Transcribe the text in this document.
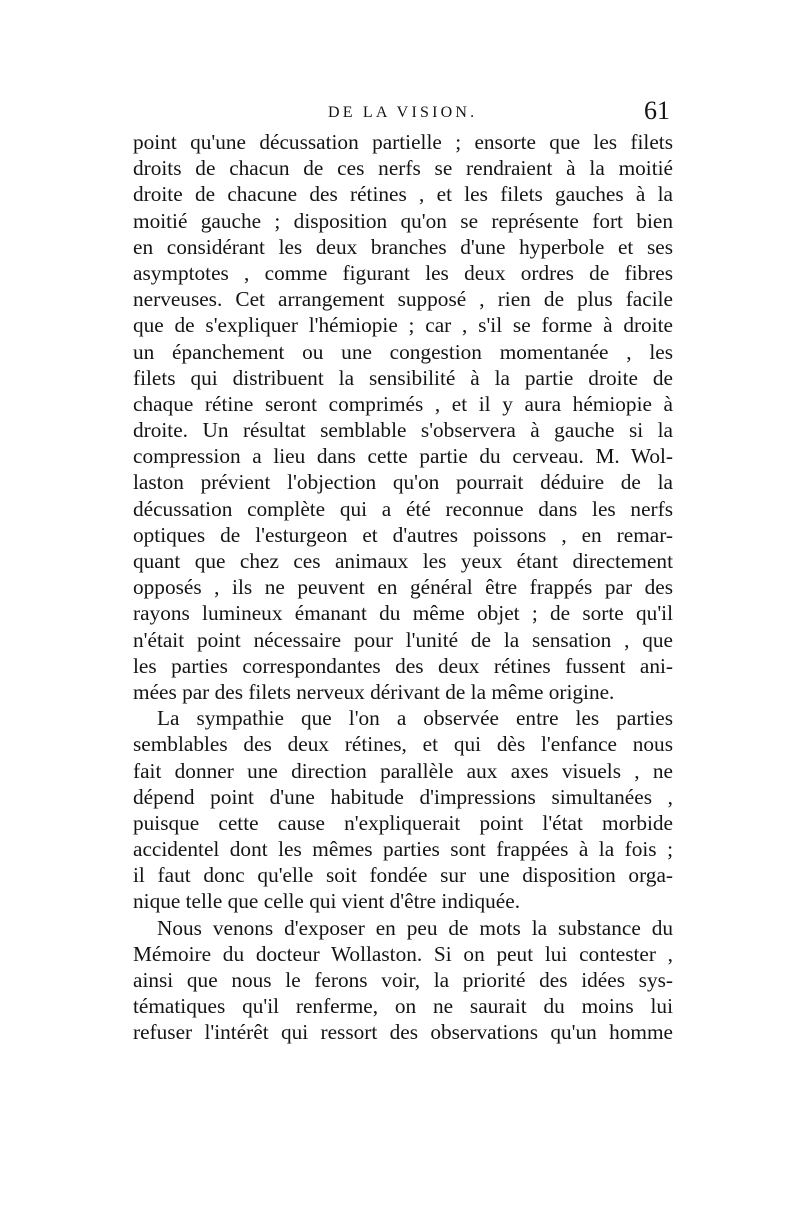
DE LA VISION.	61
point qu'une décussation partielle ; ensorte que les filets
droits de chacun de ces nerfs se rendraient à la moitié
droite de chacune des rétines , et les filets gauches à la
moitié gauche ; disposition qu'on se représente fort bien
en considérant les deux branches d'une hyperbole et ses
asymptotes , comme figurant les deux ordres de fibres
nerveuses. Cet arrangement supposé , rien de plus facile
que de s'expliquer l'hémiopie ; car , s'il se forme à droite
un épanchement ou une congestion momentanée , les
filets qui distribuent la sensibilité à la partie droite de
chaque rétine seront comprimés , et il y aura hémiopie à
droite. Un résultat semblable s'observera à gauche si la
compression a lieu dans cette partie du cerveau. M. Wol-
laston prévient l'objection qu'on pourrait déduire de la
décussation complète qui a été reconnue dans les nerfs
optiques de l'esturgeon et d'autres poissons , en remar-
quant que chez ces animaux les yeux étant directement
opposés , ils ne peuvent en général être frappés par des
rayons lumineux émanant du même objet ; de sorte qu'il
n'était point nécessaire pour l'unité de la sensation , que
les parties correspondantes des deux rétines fussent ani-
mées par des filets nerveux dérivant de la même origine.
La sympathie que l'on a observée entre les parties
semblables des deux rétines, et qui dès l'enfance nous
fait donner une direction parallèle aux axes visuels , ne
dépend point d'une habitude d'impressions simultanées ,
puisque cette cause n'expliquerait point l'état morbide
accidentel dont les mêmes parties sont frappées à la fois ;
il faut donc qu'elle soit fondée sur une disposition orga-
nique telle que celle qui vient d'être indiquée.
Nous venons d'exposer en peu de mots la substance du
Mémoire du docteur Wollaston. Si on peut lui contester ,
ainsi que nous le ferons voir, la priorité des idées sys-
tématiques qu'il renferme, on ne saurait du moins lui
refuser l'intérêt qui ressort des observations qu'un homme
